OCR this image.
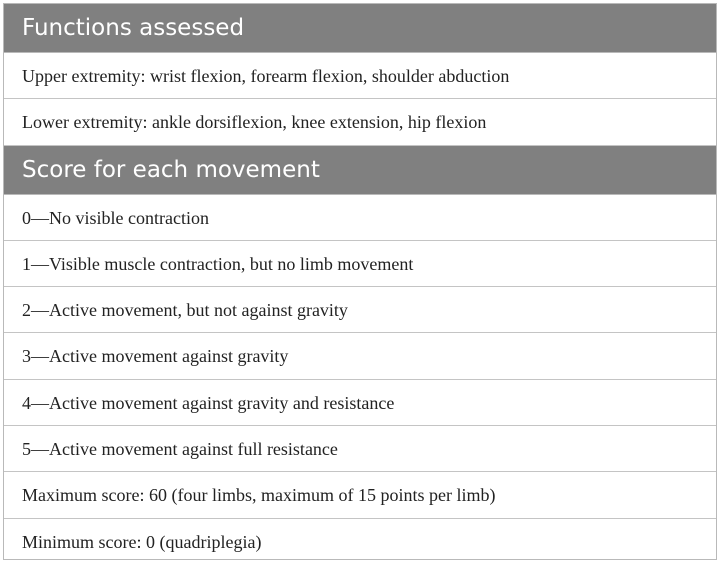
Functions assessed
Upper extremity: wrist flexion, forearm flexion, shoulder abduction
Lower extremity: ankle dorsiflexion, knee extension, hip flexion
Score for each movement
0—No visible contraction
1—Visible muscle contraction, but no limb movement
2—Active movement, but not against gravity
3—Active movement against gravity
4—Active movement against gravity and resistance
5—Active movement against full resistance
Maximum score: 60 (four limbs, maximum of 15 points per limb)
Minimum score: 0 (quadriplegia)
